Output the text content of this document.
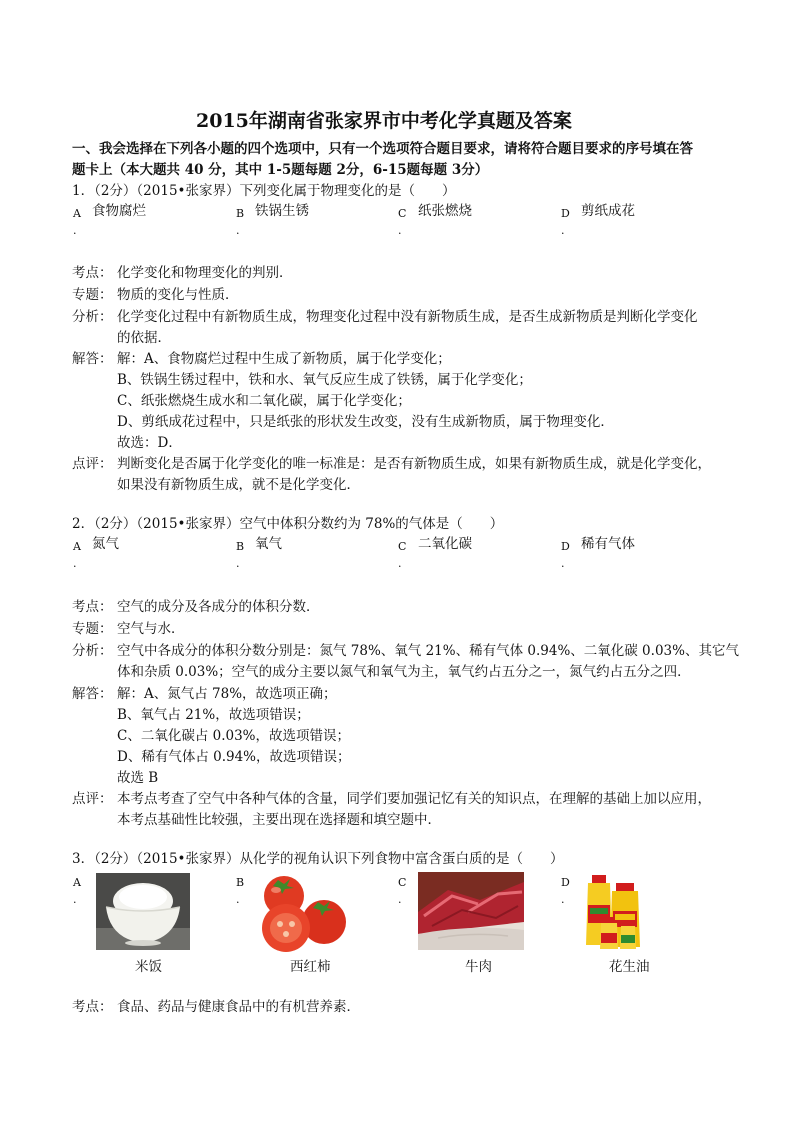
2015年湖南省张家界市中考化学真题及答案
一、我会选择在下列各小题的四个选项中，只有一个选项符合题目要求，请将符合题目要求的序号填在答
题卡上（本大题共 40 分，其中 1-5题每题 2分，6-15题每题 3分）
1．（2分）（2015•张家界）下列变化属于物理变化的是（　　）
A
.
食物腐烂	B
.
铁锅生锈	C
.
纸张燃烧	D
.
剪纸成花
考点： 化学变化和物理变化的判别．
专题： 物质的变化与性质．
分析： 化学变化过程中有新物质生成，物理变化过程中没有新物质生成，是否生成新物质是判断化学变化
的依据．
解答： 解：A、食物腐烂过程中生成了新物质，属于化学变化；
B、铁锅生锈过程中，铁和水、氧气反应生成了铁锈，属于化学变化；
C、纸张燃烧生成水和二氧化碳，属于化学变化；
D、剪纸成花过程中，只是纸张的形状发生改变，没有生成新物质，属于物理变化．
故选：D．
点评： 判断变化是否属于化学变化的唯一标准是：是否有新物质生成，如果有新物质生成，就是化学变化，
如果没有新物质生成，就不是化学变化．
2．（2分）（2015•张家界）空气中体积分数约为 78%的气体是（　　）
A
.
氮气	B
.
氧气	C
.
二氧化碳	D
.
稀有气体
考点： 空气的成分及各成分的体积分数．
专题： 空气与水．
分析： 空气中各成分的体积分数分别是：氮气 78%、氧气 21%、稀有气体 0.94%、二氧化碳 0.03%、其它气
体和杂质 0.03%；空气的成分主要以氮气和氧气为主，氧气约占五分之一，氮气约占五分之四．
解答： 解：A、氮气占 78%，故选项正确；
B、氧气占 21%，故选项错误；
C、二氧化碳占 0.03%，故选项错误；
D、稀有气体占 0.94%，故选项错误；
故选 B
点评： 本考点考查了空气中各种气体的含量，同学们要加强记忆有关的知识点，在理解的基础上加以应用，
本考点基础性比较强，主要出现在选择题和填空题中．
3．（2分）（2015•张家界）从化学的视角认识下列食物中富含蛋白质的是（　　）
A
.
米饭
B
.
西红柿
C
.
牛肉
D
.
花生油
考点： 食品、药品与健康食品中的有机营养素．
